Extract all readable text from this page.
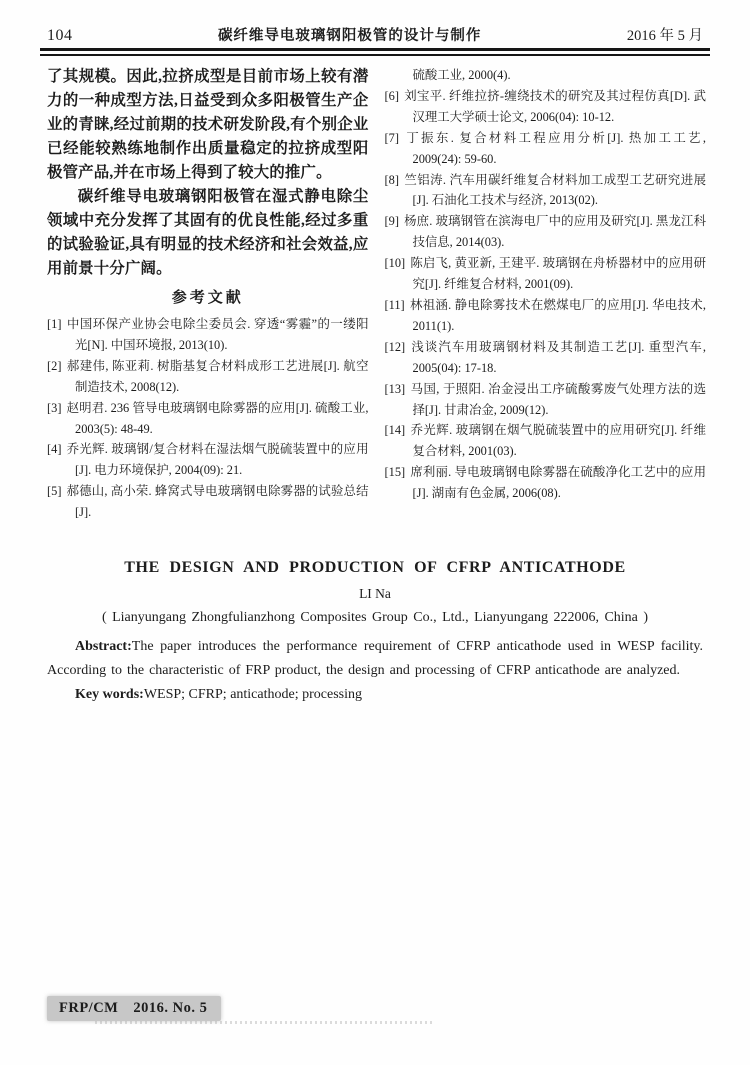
104	碳纤维导电玻璃钢阳极管的设计与制作	2016 年 5 月

了其规模。因此,拉挤成型是目前市场上较有潜力的一种成型方法,日益受到众多阳极管生产企业的青睐,经过前期的技术研发阶段,有个别企业已经能较熟练地制作出质量稳定的拉挤成型阳极管产品,并在市场上得到了较大的推广。

碳纤维导电玻璃钢阳极管在湿式静电除尘领域中充分发挥了其固有的优良性能,经过多重的试验验证,具有明显的技术经济和社会效益,应用前景十分广阔。

参考文献

[1] 中国环保产业协会电除尘委员会. 穿透“雾霾”的一缕阳光[N]. 中国环境报, 2013(10).

[2] 郝建伟, 陈亚莉. 树脂基复合材料成形工艺进展[J]. 航空制造技术, 2008(12).

[3] 赵明君. 236 管导电玻璃钢电除雾器的应用[J]. 硫酸工业, 2003(5): 48-49.

[4] 乔光辉. 玻璃钢/复合材料在湿法烟气脱硫装置中的应用[J]. 电力环境保护, 2004(09): 21.

[5] 郝德山, 高小荣. 蜂窝式导电玻璃钢电除雾器的试验总结[J].

硫酸工业, 2000(4).

[6] 刘宝平. 纤维拉挤-缠绕技术的研究及其过程仿真[D]. 武汉理工大学硕士论文, 2006(04): 10-12.

[7] 丁振东. 复合材料工程应用分析[J]. 热加工工艺, 2009(24): 59-60.

[8] 竺铝涛. 汽车用碳纤维复合材料加工成型工艺研究进展[J]. 石油化工技术与经济, 2013(02).

[9] 杨庶. 玻璃钢管在滨海电厂中的应用及研究[J]. 黑龙江科技信息, 2014(03).

[10] 陈启飞, 黄亚新, 王建平. 玻璃钢在舟桥器材中的应用研究[J]. 纤维复合材料, 2001(09).

[11] 林祖涵. 静电除雾技术在燃煤电厂的应用[J]. 华电技术, 2011(1).

[12] 浅谈汽车用玻璃钢材料及其制造工艺[J]. 重型汽车, 2005(04): 17-18.

[13] 马国, 于照阳. 冶金浸出工序硫酸雾废气处理方法的选择[J]. 甘肃冶金, 2009(12).

[14] 乔光辉. 玻璃钢在烟气脱硫装置中的应用研究[J]. 纤维复合材料, 2001(03).

[15] 席利丽. 导电玻璃钢电除雾器在硫酸净化工艺中的应用[J]. 湖南有色金属, 2006(08).

THE DESIGN AND PRODUCTION OF CFRP ANTICATHODE
LI Na
( Lianyungang Zhongfulianzhong Composites Group Co., Ltd., Lianyungang 222006, China )

Abstract:The paper introduces the performance requirement of CFRP anticathode used in WESP facility. According to the characteristic of FRP product, the design and processing of CFRP anticathode are analyzed.

Key words:WESP; CFRP; anticathode; processing

FRP/CM 2016. No. 5
